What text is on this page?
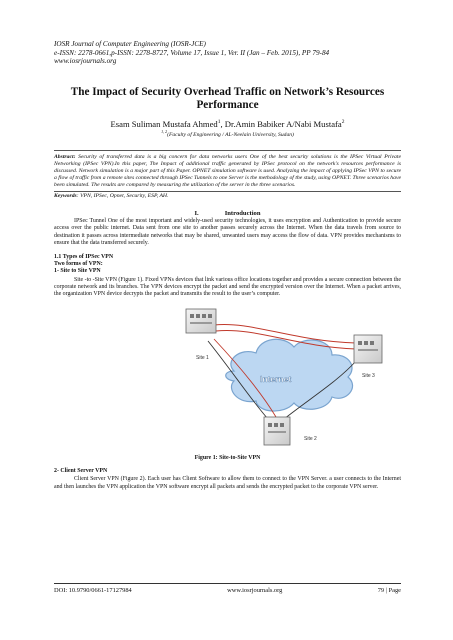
IOSR Journal of Computer Engineering (IOSR-JCE)
e-ISSN: 2278-0661,p-ISSN: 2278-8727, Volume 17, Issue 1, Ver. II (Jan – Feb. 2015), PP 79-84
www.iosrjournals.org
The Impact of Security Overhead Traffic on Network’s Resources
Performance
Esam Suliman Mustafa Ahmed$^1$, Dr.Amin Babiker A/Nabi Mustafa$^2$
$^{1, 2}$(Faculty of Engineering / AL-Neelain University, Sudan)
Abstract: Security of transferred data is a big concern for data networks users One of the best security solutions is the IPSec Virtual Private Networking (IPSec VPN).In this paper, The Impact of additional traffic generated by IPSec protocol on the network's resources performance is discussed. Network simulation is a major part of this Paper. OPNET simulation software is used. Analyzing the impact of applying IPSec VPN to secure a flow of traffic from a remote sites connected through IPSec Tunnels to one Server is the methodology of the study, using OPNET. Three scenarios have been simulated. The results are compared by measuring the utilization of the server in the three scenarios.
Keywords: VPN, IPSec, Opnet, Security, ESP, AH.
I.	Introduction
IPSec Tunnel One of the most important and widely-used security technologies, it uses encryption and Authentication to provide secure access over the public internet. Data sent from one site to another passes securely across the Internet. When the data travels from source to destination it passes across intermediate networks that may be shared, unwanted users may access the flow of data. VPN provides mechanisms to ensure that the data transferred securely.
1.1 Types of IPSec VPN
Two forms of VPN:
1- Site to Site VPN
Site -to -Site VPN (Figure 1). Fixed VPNs devices that link various office locations together and provides a secure connection between the corporate network and its branches. The VPN devices encrypt the packet and send the encrypted version over the Internet. When a packet arrives, the organization VPN device decrypts the packet and transmits the result to the user’s computer.
Internet
Site 1
Site 3
Site 2
Figure 1: Site-to-Site VPN
2- Client Server VPN
Client Server VPN (Figure 2). Each user has Client Software to allow them to connect to the VPN Server. a user connects to the Internet and then launches the VPN application the VPN software encrypt all packets and sends the encrypted packet to the corporate VPN server.
DOI: 10.9790/0661-17127984	www.iosrjournals.org	79 | Page
